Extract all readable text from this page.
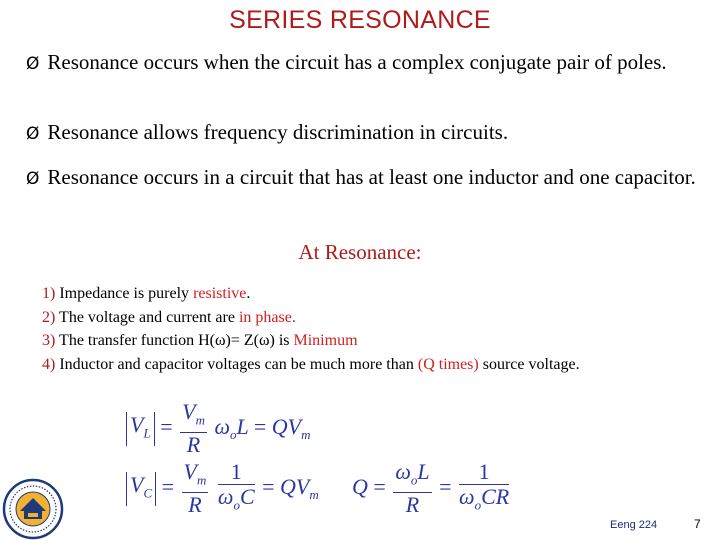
SERIES RESONANCE
Ø Resonance occurs when the circuit has a complex conjugate pair of poles.
Ø Resonance allows frequency discrimination in circuits.
Ø Resonance occurs in a circuit that has at least one inductor and one capacitor.
At Resonance:
1) Impedance is purely resistive.
2) The voltage and current are in phase.
3) The transfer function H(ω)= Z(ω) is Minimum
4) Inductor and capacitor voltages can be much more than (Q times) source voltage.
$V_L = \frac{V_m}{R} \omega_oL = QV_m$
$V_C = \frac{V_m}{R}$
$\frac{1}{\omega_oC} = QV_m$ $Q = \frac{\omega_oL}{R} = \frac{1}{\omega_oCR}$
Eeng 224	7
